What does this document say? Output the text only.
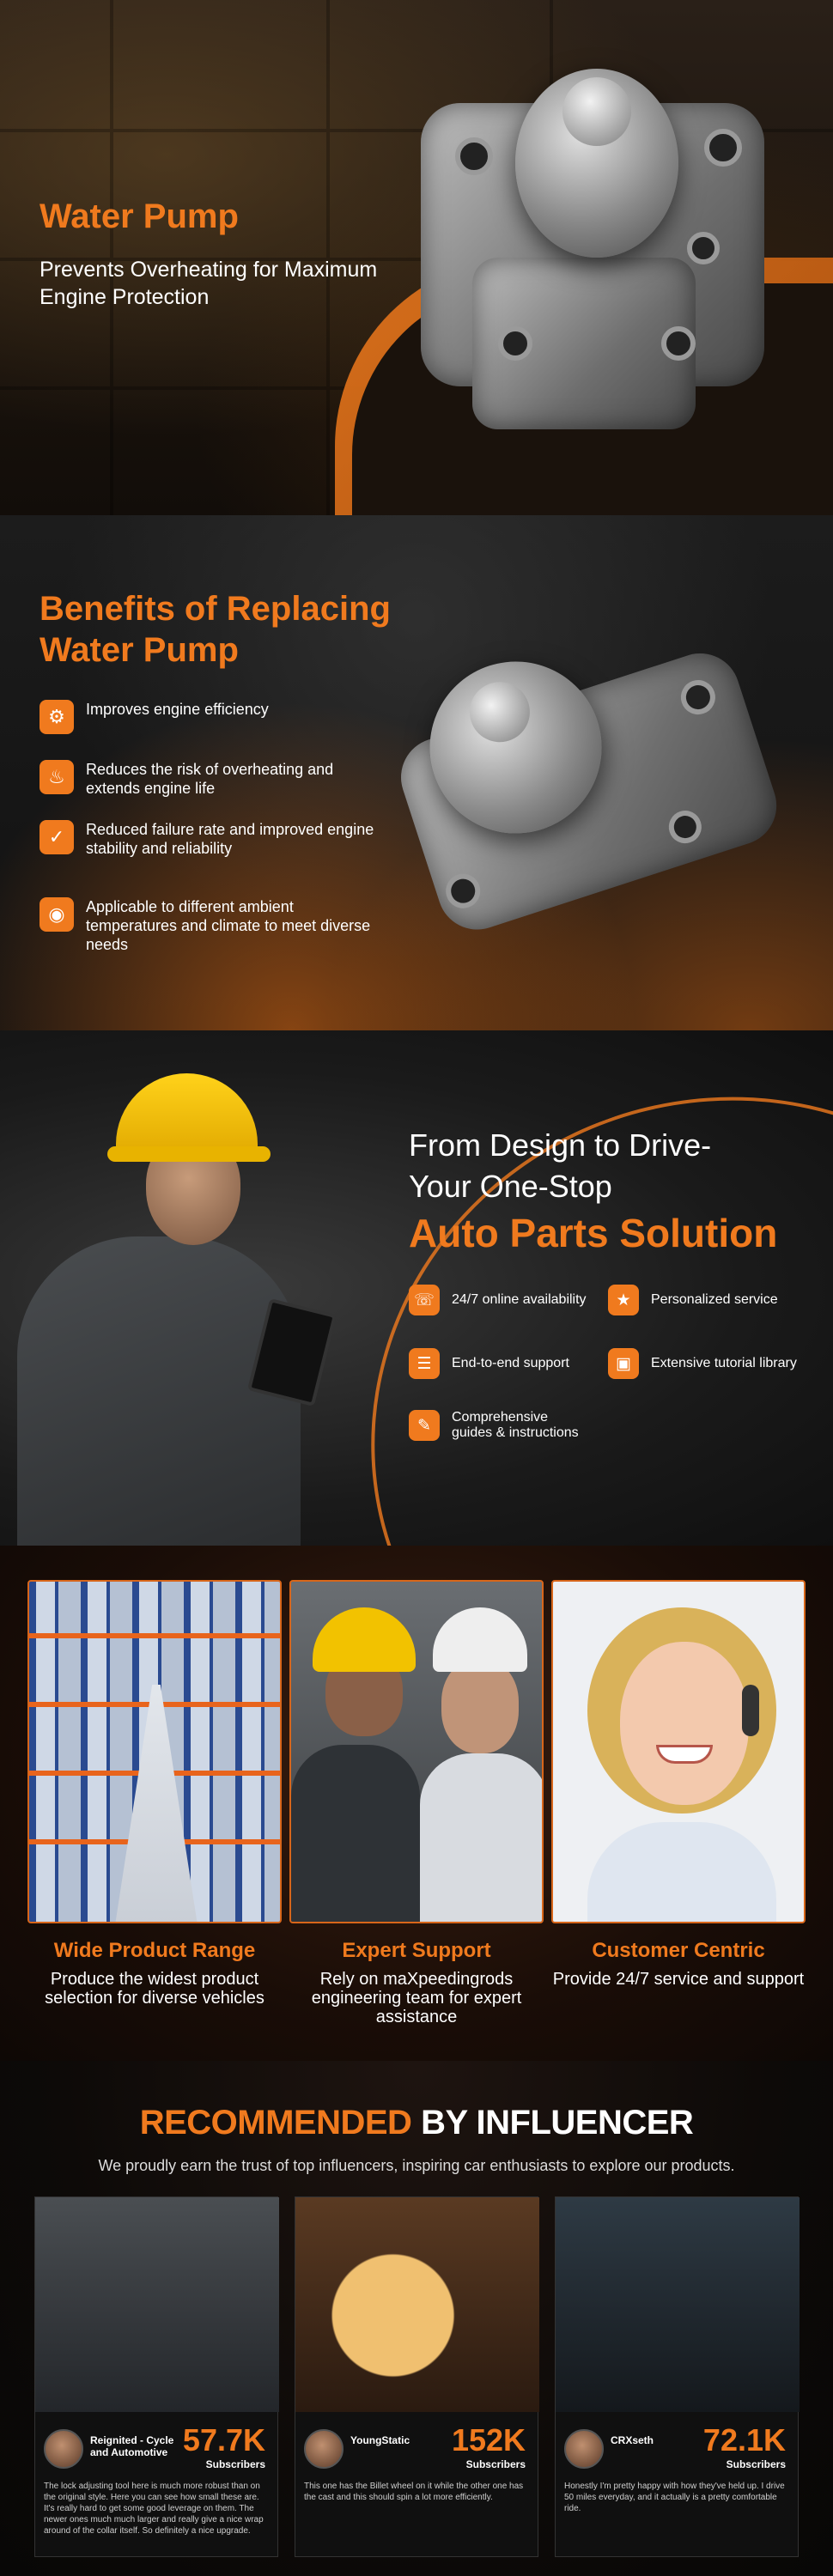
Water Pump

Prevents Overheating for Maximum Engine Protection

Benefits of Replacing Water Pump
⚙	Improves engine efficiency
♨	Reduces the risk of overheating and extends engine life
✓	Reduced failure rate and improved engine stability and reliability
◉	Applicable to different ambient temperatures and climate to meet diverse needs
From Design to Drive-
Your One-Stop
Auto Parts Solution
☏	24/7 online availability	★	Personalized service
☰	End-to-end support	▣	Extensive tutorial library
✎	Comprehensive guides & instructions
Wide Product Range
Produce the widest product selection for diverse vehicles
Expert Support
Rely on maXpeedingrods engineering team for expert assistance
Customer Centric
Provide 24/7 service and support
RECOMMENDED BY INFLUENCER

We proudly earn the trust of top influencers, inspiring car enthusiasts to explore our products.

Reignited - Cycle and Automotive 57.7K
Subscribers
The lock adjusting tool here is much more robust than on the original style. Here you can see how small these are. It's really hard to get some good leverage on them. The newer ones much much larger and really give a nice wrap around of the collar itself. So definitely a nice upgrade.
YoungStatic	152K
Subscribers
This one has the Billet wheel on it while the other one has the cast and this should spin a lot more efficiently.
CRXseth	72.1K
Subscribers
Honestly I'm pretty happy with how they've held up. I drive 50 miles everyday, and it actually is a pretty comfortable ride.
